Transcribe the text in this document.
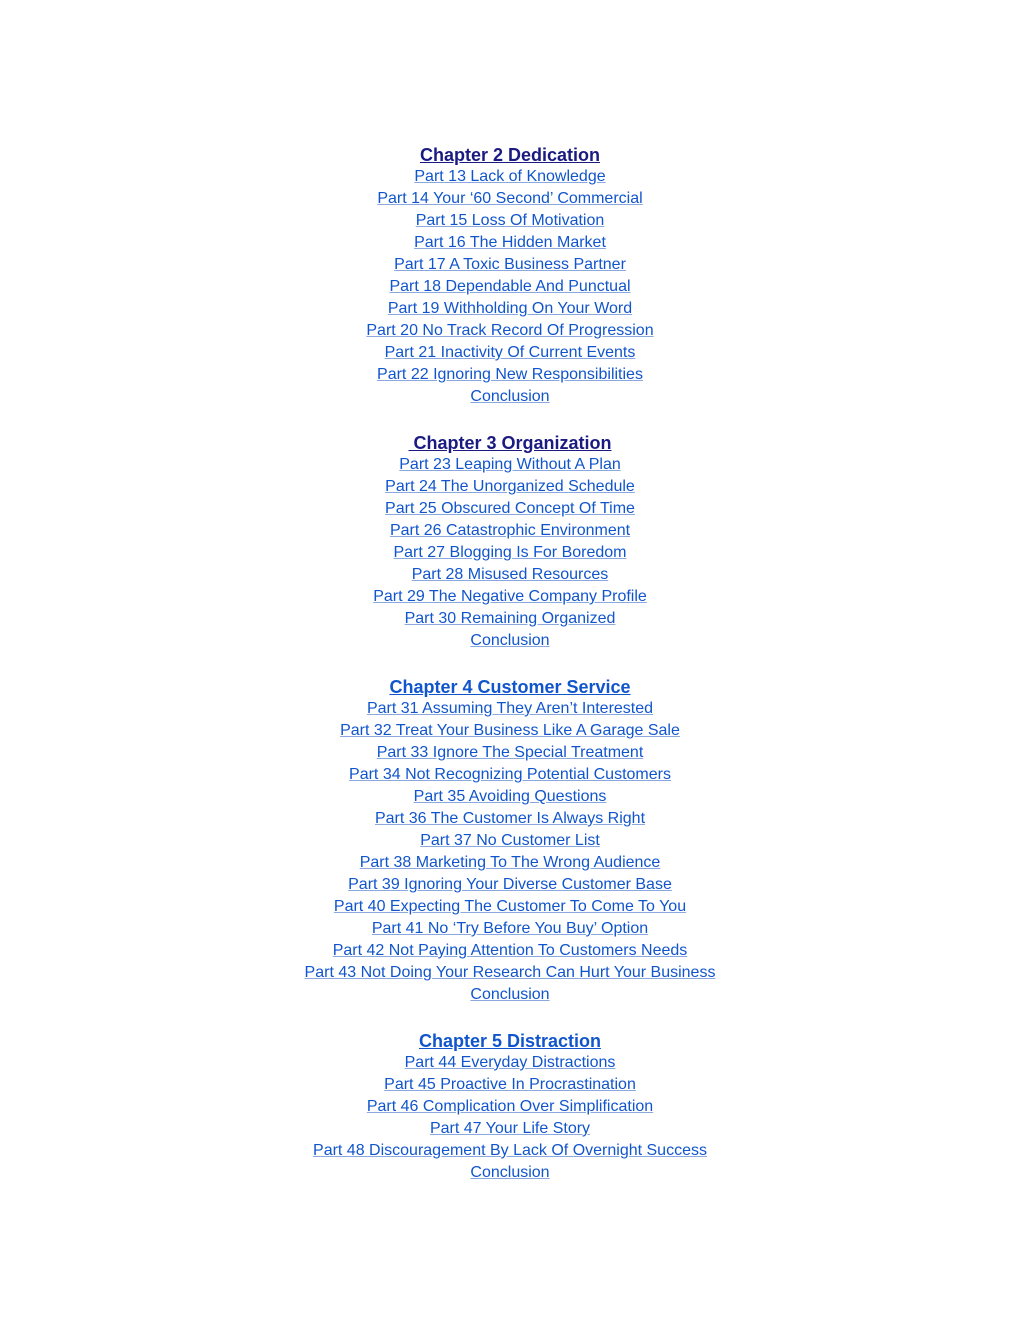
Chapter 2 Dedication
Part 13 Lack of Knowledge
Part 14 Your ‘60 Second’ Commercial
Part 15 Loss Of Motivation
Part 16 The Hidden Market
Part 17 A Toxic Business Partner
Part 18 Dependable And Punctual
Part 19 Withholding On Your Word
Part 20 No Track Record Of Progression
Part 21 Inactivity Of Current Events
Part 22 Ignoring New Responsibilities
Conclusion
Chapter 3 Organization
Part 23 Leaping Without A Plan
Part 24 The Unorganized Schedule
Part 25 Obscured Concept Of Time
Part 26 Catastrophic Environment
Part 27 Blogging Is For Boredom
Part 28 Misused Resources
Part 29 The Negative Company Profile
Part 30 Remaining Organized
Conclusion
Chapter 4 Customer Service
Part 31 Assuming They Aren’t Interested
Part 32 Treat Your Business Like A Garage Sale
Part 33 Ignore The Special Treatment
Part 34 Not Recognizing Potential Customers
Part 35 Avoiding Questions
Part 36 The Customer Is Always Right
Part 37 No Customer List
Part 38 Marketing To The Wrong Audience
Part 39 Ignoring Your Diverse Customer Base
Part 40 Expecting The Customer To Come To You
Part 41 No ‘Try Before You Buy’ Option
Part 42 Not Paying Attention To Customers Needs
Part 43 Not Doing Your Research Can Hurt Your Business
Conclusion
Chapter 5 Distraction
Part 44 Everyday Distractions
Part 45 Proactive In Procrastination
Part 46 Complication Over Simplification
Part 47 Your Life Story
Part 48 Discouragement By Lack Of Overnight Success
Conclusion
